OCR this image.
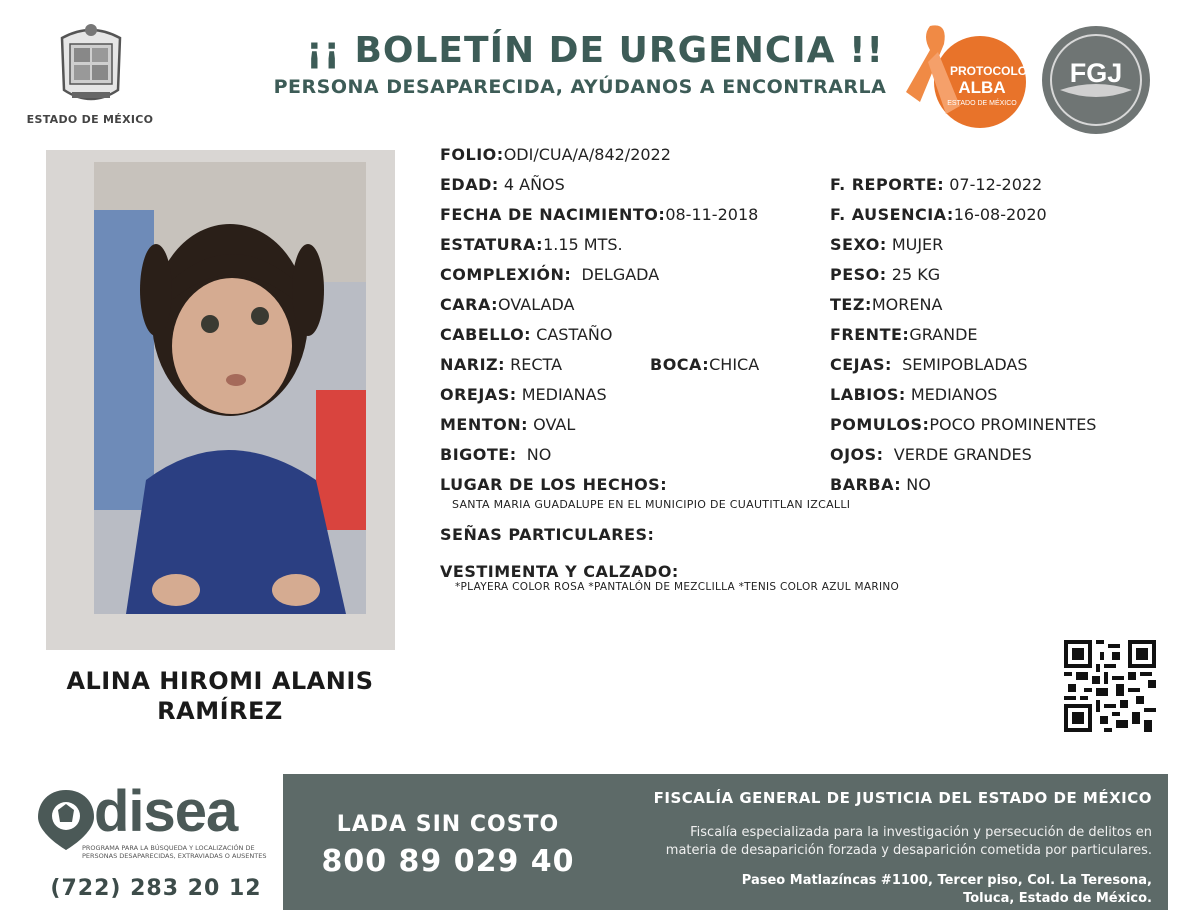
ESTADO DE MÉXICO
¡¡ BOLETÍN DE URGENCIA !!
PERSONA DESAPARECIDA, AYÚDANOS A ENCONTRARLA
PROTOCOLO
ALBA
ESTADO DE MÉXICO
FGJ
ALINA HIROMI ALANIS
RAMÍREZ
FOLIO:ODI/CUA/A/842/2022
EDAD: 4 AÑOS	F. REPORTE: 07-12-2022
FECHA DE NACIMIENTO:08-11-2018	F. AUSENCIA:16-08-2020
ESTATURA:1.15 MTS.	SEXO: MUJER
COMPLEXIÓN: DELGADA	PESO: 25 KG
CARA:OVALADA	TEZ:MORENA
CABELLO: CASTAÑO	FRENTE:GRANDE
NARIZ: RECTA	BOCA:CHICA	CEJAS: SEMIPOBLADAS
OREJAS: MEDIANAS	LABIOS: MEDIANOS
MENTON: OVAL	POMULOS:POCO PROMINENTES
BIGOTE: NO	OJOS: VERDE GRANDES
LUGAR DE LOS HECHOS:	BARBA: NO
SANTA MARIA GUADALUPE EN EL MUNICIPIO DE CUAUTITLAN IZCALLI
SEÑAS PARTICULARES:
VESTIMENTA Y CALZADO:
*PLAYERA COLOR ROSA *PANTALÓN DE MEZCLILLA *TENIS COLOR AZUL MARINO
disea
PROGRAMA PARA LA BÚSQUEDA Y LOCALIZACIÓN DE PERSONAS DESAPARECIDAS, EXTRAVIADAS O AUSENTES
(722) 283 20 12
LADA SIN COSTO
800 89 029 40
FISCALÍA GENERAL DE JUSTICIA DEL ESTADO DE MÉXICO
Fiscalía especializada para la investigación y persecución de delitos en
materia de desaparición forzada y desaparición cometida por particulares.
Paseo Matlazíncas #1100, Tercer piso, Col. La Teresona,
Toluca, Estado de México.
